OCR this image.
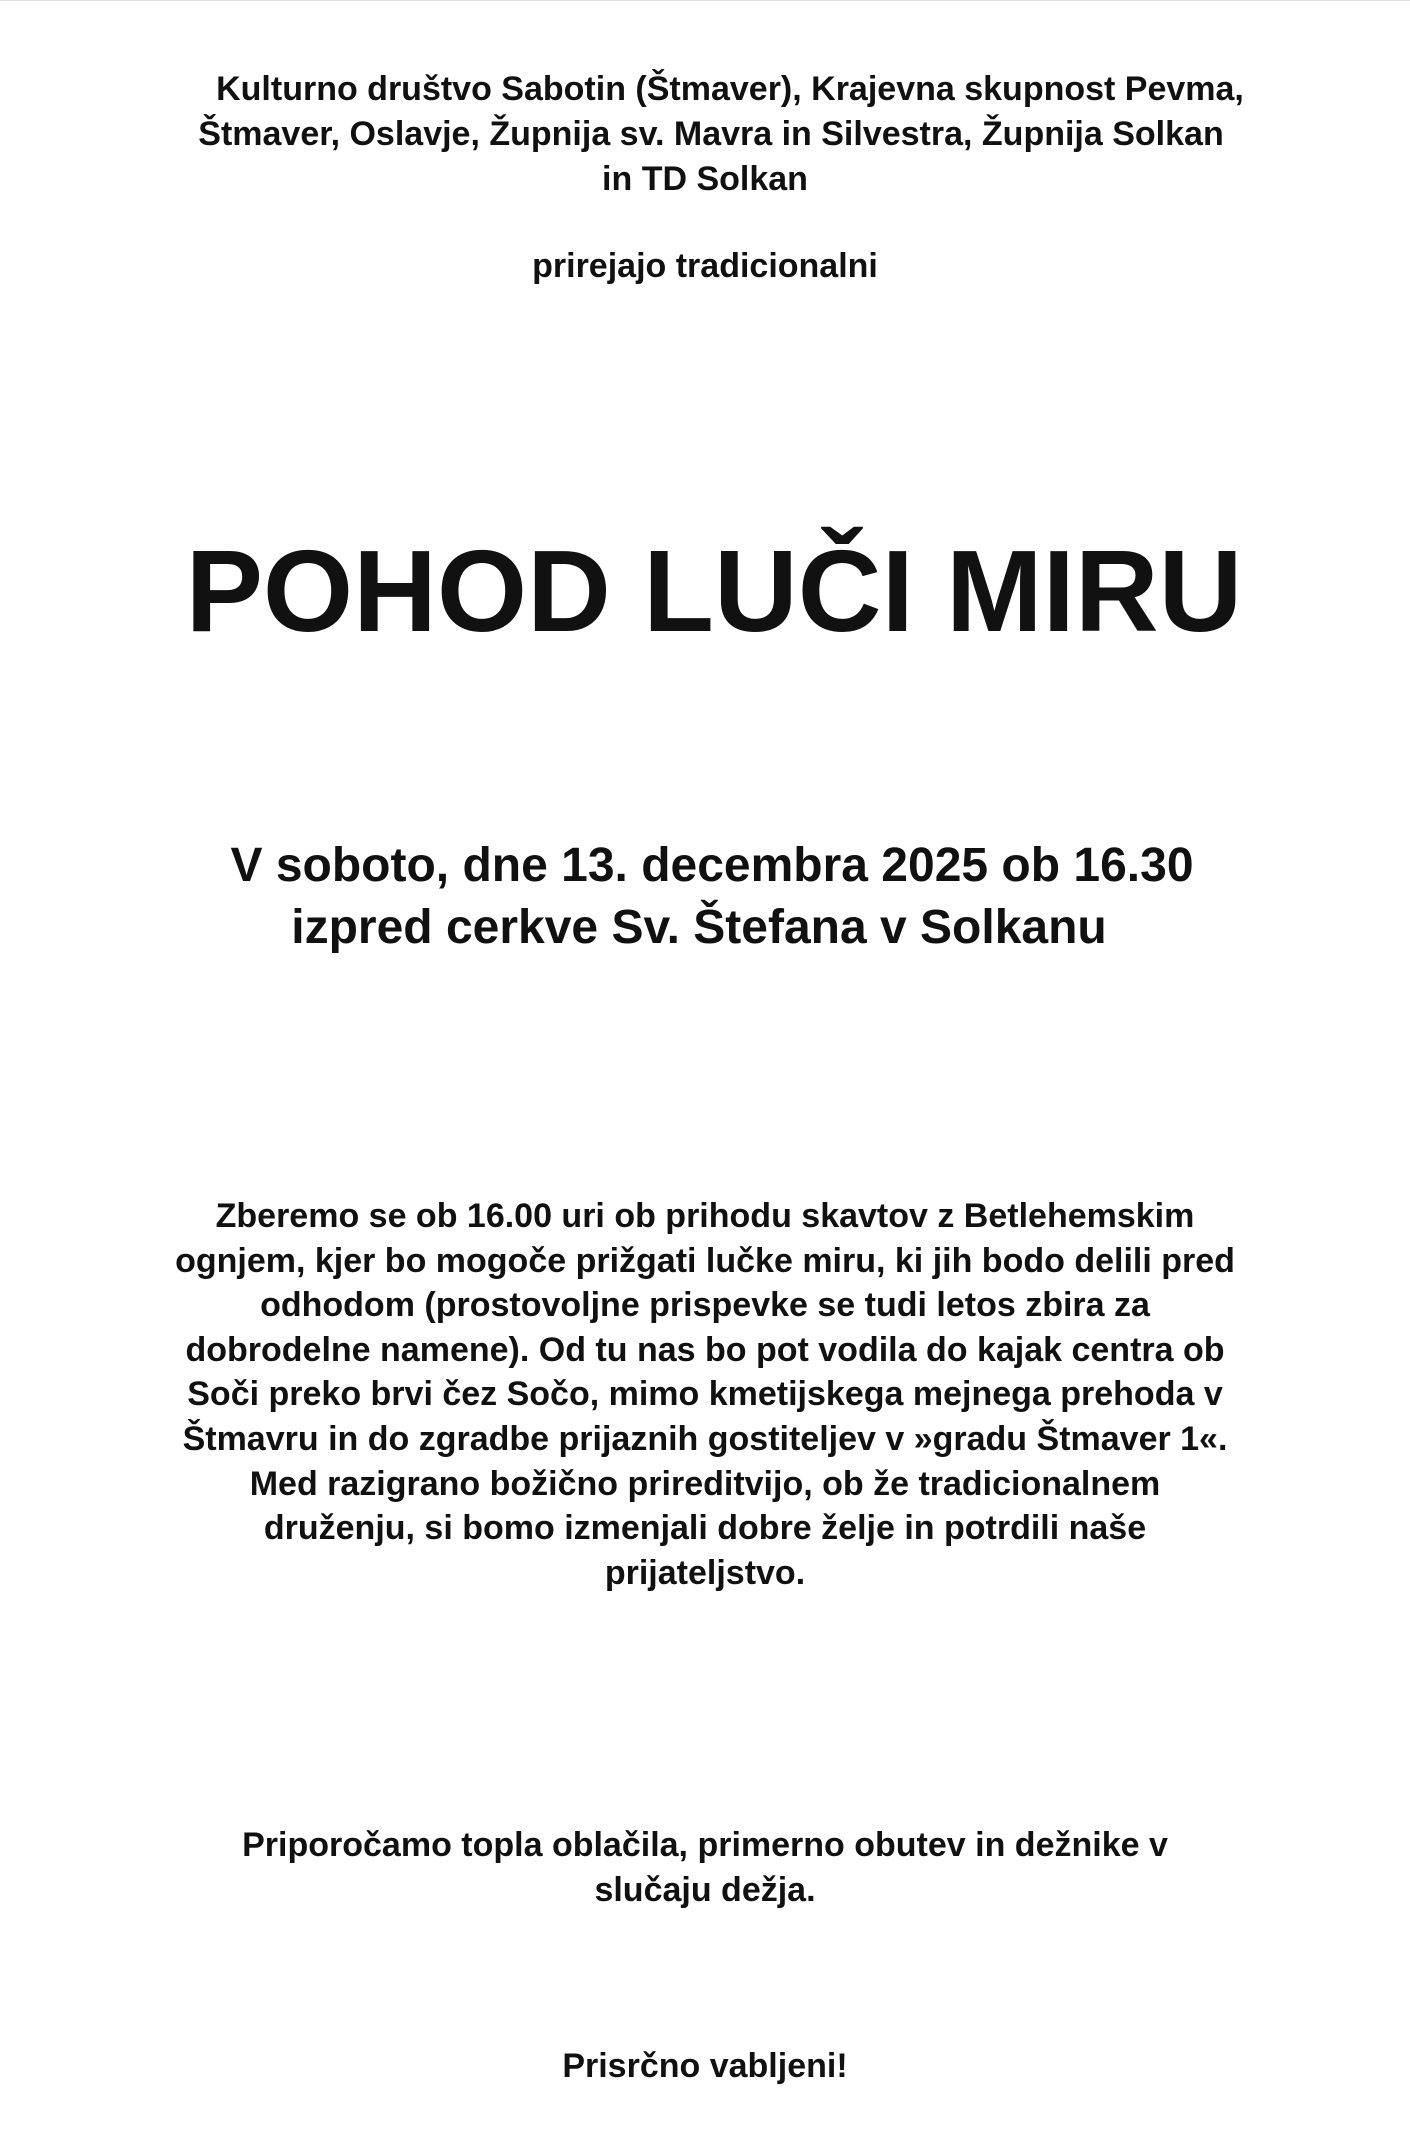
Kulturno društvo Sabotin (Štmaver), Krajevna skupnost Pevma,
Štmaver, Oslavje, Župnija sv. Mavra in Silvestra, Župnija Solkan
in TD Solkan
prirejajo tradicionalni
POHOD LUČI MIRU
V soboto, dne 13. decembra 2025 ob 16.30
izpred cerkve Sv. Štefana v Solkanu
Zberemo se ob 16.00 uri ob prihodu skavtov z Betlehemskim
ognjem, kjer bo mogoče prižgati lučke miru, ki jih bodo delili pred
odhodom (prostovoljne prispevke se tudi letos zbira za
dobrodelne namene). Od tu nas bo pot vodila do kajak centra ob
Soči preko brvi čez Sočo, mimo kmetijskega mejnega prehoda v
Štmavru in do zgradbe prijaznih gostiteljev v »gradu Štmaver 1«.
Med razigrano božično prireditvijo, ob že tradicionalnem
druženju, si bomo izmenjali dobre želje in potrdili naše
prijateljstvo.
Priporočamo topla oblačila, primerno obutev in dežnike v
slučaju dežja.
Prisrčno vabljeni!
